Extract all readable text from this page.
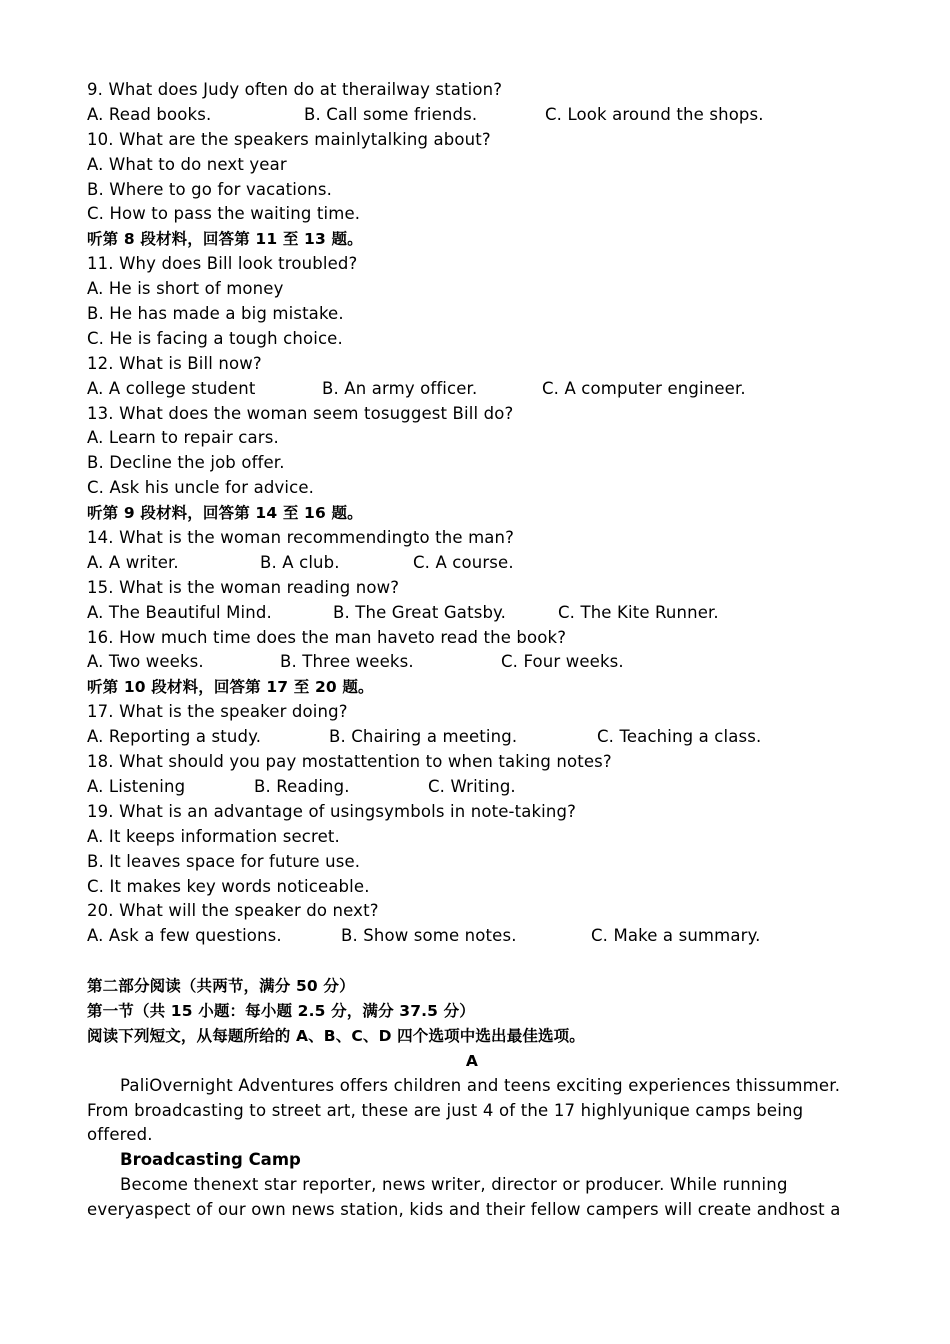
9. What does Judy often do at therailway station?
A. Read books.	B. Call some friends.	C. Look around the shops.
10. What are the speakers mainlytalking about?
A. What to do next year
B. Where to go for vacations.
C. How to pass the waiting time.
听第 8 段材料，回答第 11 至 13 题。
11. Why does Bill look troubled?
A. He is short of money
B. He has made a big mistake.
C. He is facing a tough choice.
12. What is Bill now?
A. A college student	B. An army officer.	C. A computer engineer.
13. What does the woman seem tosuggest Bill do?
A. Learn to repair cars.
B. Decline the job offer.
C. Ask his uncle for advice.
听第 9 段材料，回答第 14 至 16 题。
14. What is the woman recommendingto the man?
A. A writer.	B. A club.	C. A course.
15. What is the woman reading now?
A. The Beautiful Mind.	B. The Great Gatsby.	C. The Kite Runner.
16. How much time does the man haveto read the book?
A. Two weeks.	B. Three weeks.	C. Four weeks.
听第 10 段材料，回答第 17 至 20 题。
17. What is the speaker doing?
A. Reporting a study.	B. Chairing a meeting.	C. Teaching a class.
18. What should you pay mostattention to when taking notes?
A. Listening	B. Reading.	C. Writing.
19. What is an advantage of usingsymbols in note-taking?
A. It keeps information secret.
B. It leaves space for future use.
C. It makes key words noticeable.
20. What will the speaker do next?
A. Ask a few questions.	B. Show some notes.	C. Make a summary.
第二部分阅读（共两节，满分 50 分）
第一节（共 15 小题：每小题 2.5 分，满分 37.5 分）
阅读下列短文，从每题所给的 A、B、C、D 四个选项中选出最佳选项。
A
PaliOvernight Adventures offers children and teens exciting experiences thissummer. From broadcasting to street art, these are just 4 of the 17 highlyunique camps being offered.
Broadcasting Camp
Become thenext star reporter, news writer, director or producer. While running everyaspect of our own news station, kids and their fellow campers will create andhost a
